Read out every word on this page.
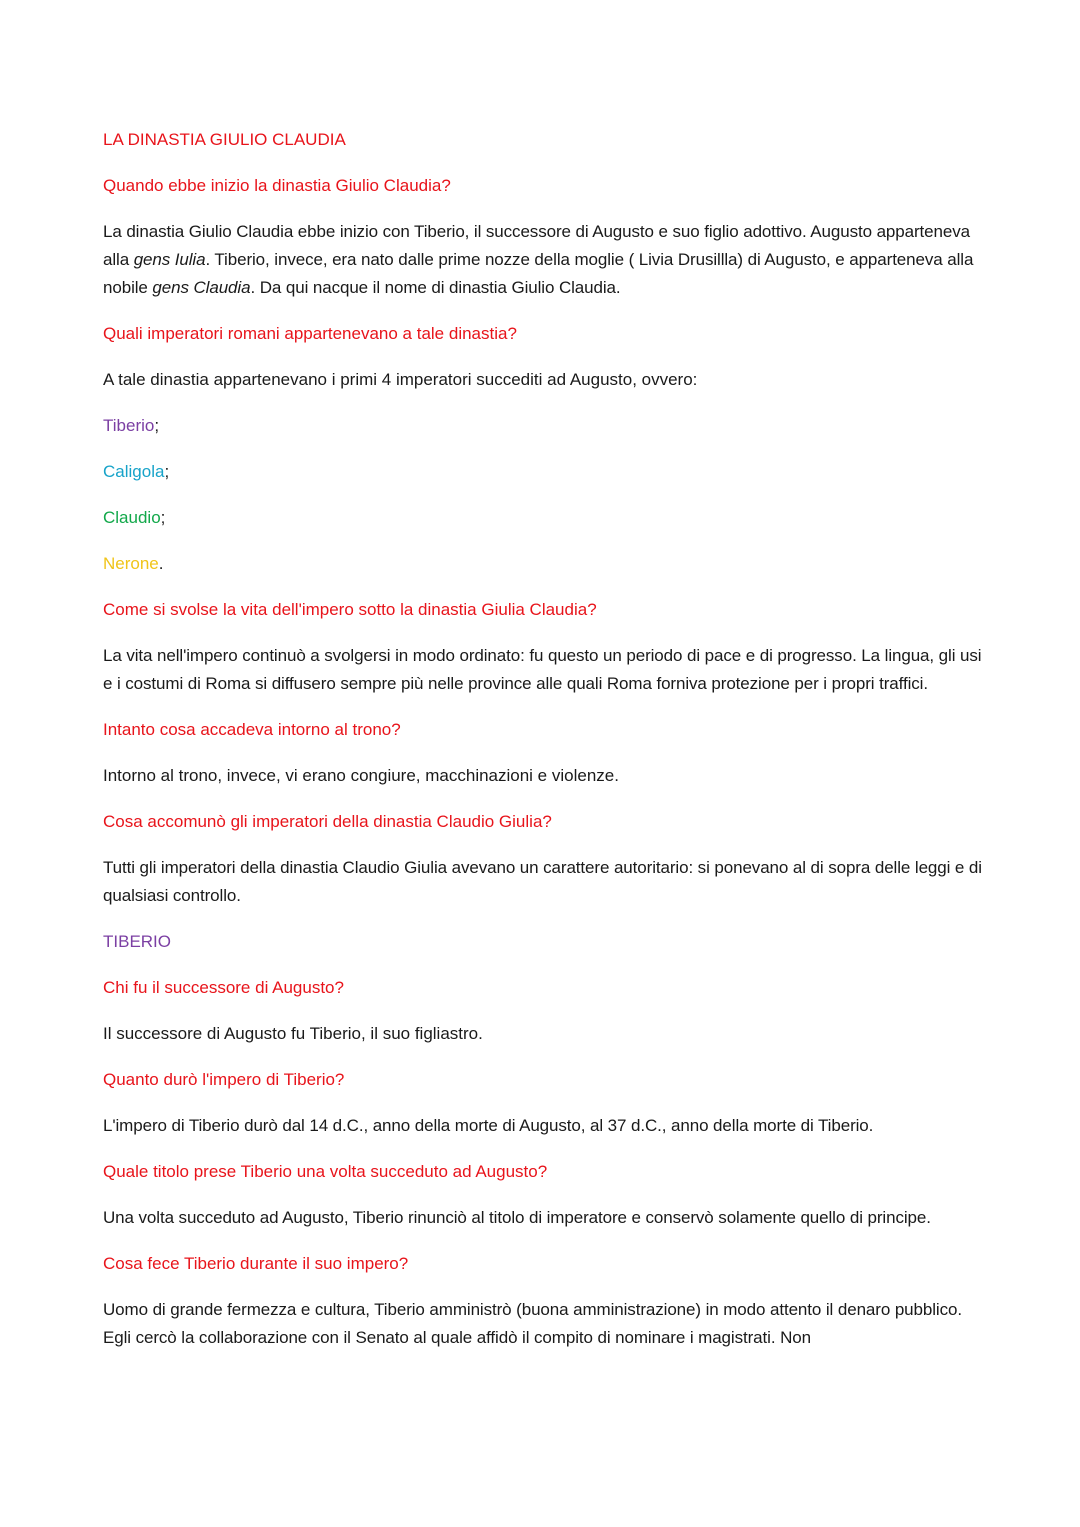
LA DINASTIA GIULIO CLAUDIA

Quando ebbe inizio la dinastia Giulio Claudia?

La dinastia Giulio Claudia ebbe inizio con Tiberio, il successore di Augusto e suo figlio adottivo. Augusto apparteneva alla gens Iulia. Tiberio, invece, era nato dalle prime nozze della moglie ( Livia Drusillla) di Augusto, e apparteneva alla nobile gens Claudia. Da qui nacque il nome di dinastia Giulio Claudia.

Quali imperatori romani appartenevano a tale dinastia?

A tale dinastia appartenevano i primi 4 imperatori succediti ad Augusto, ovvero:

Tiberio;

Caligola;

Claudio;

Nerone.

Come si svolse la vita dell'impero sotto la dinastia Giulia Claudia?

La vita nell'impero continuò a svolgersi in modo ordinato: fu questo un periodo di pace e di progresso. La lingua, gli usi e i costumi di Roma si diffusero sempre più nelle province alle quali Roma forniva protezione per i propri traffici.

Intanto cosa accadeva intorno al trono?

Intorno al trono, invece, vi erano congiure, macchinazioni e violenze.

Cosa accomunò gli imperatori della dinastia Claudio Giulia?

Tutti gli imperatori della dinastia Claudio Giulia avevano un carattere autoritario: si ponevano al di sopra delle leggi e di qualsiasi controllo.

TIBERIO

Chi fu il successore di Augusto?

Il successore di Augusto fu Tiberio, il suo figliastro.

Quanto durò l'impero di Tiberio?

L'impero di Tiberio durò dal 14 d.C., anno della morte di Augusto, al 37 d.C., anno della morte di Tiberio.

Quale titolo prese Tiberio una volta succeduto ad Augusto?

Una volta succeduto ad Augusto, Tiberio rinunciò al titolo di imperatore e conservò solamente quello di principe.

Cosa fece Tiberio durante il suo impero?

Uomo di grande fermezza e cultura, Tiberio amministrò (buona amministrazione) in modo attento il denaro pubblico. Egli cercò la collaborazione con il Senato al quale affidò il compito di nominare i magistrati. Non
